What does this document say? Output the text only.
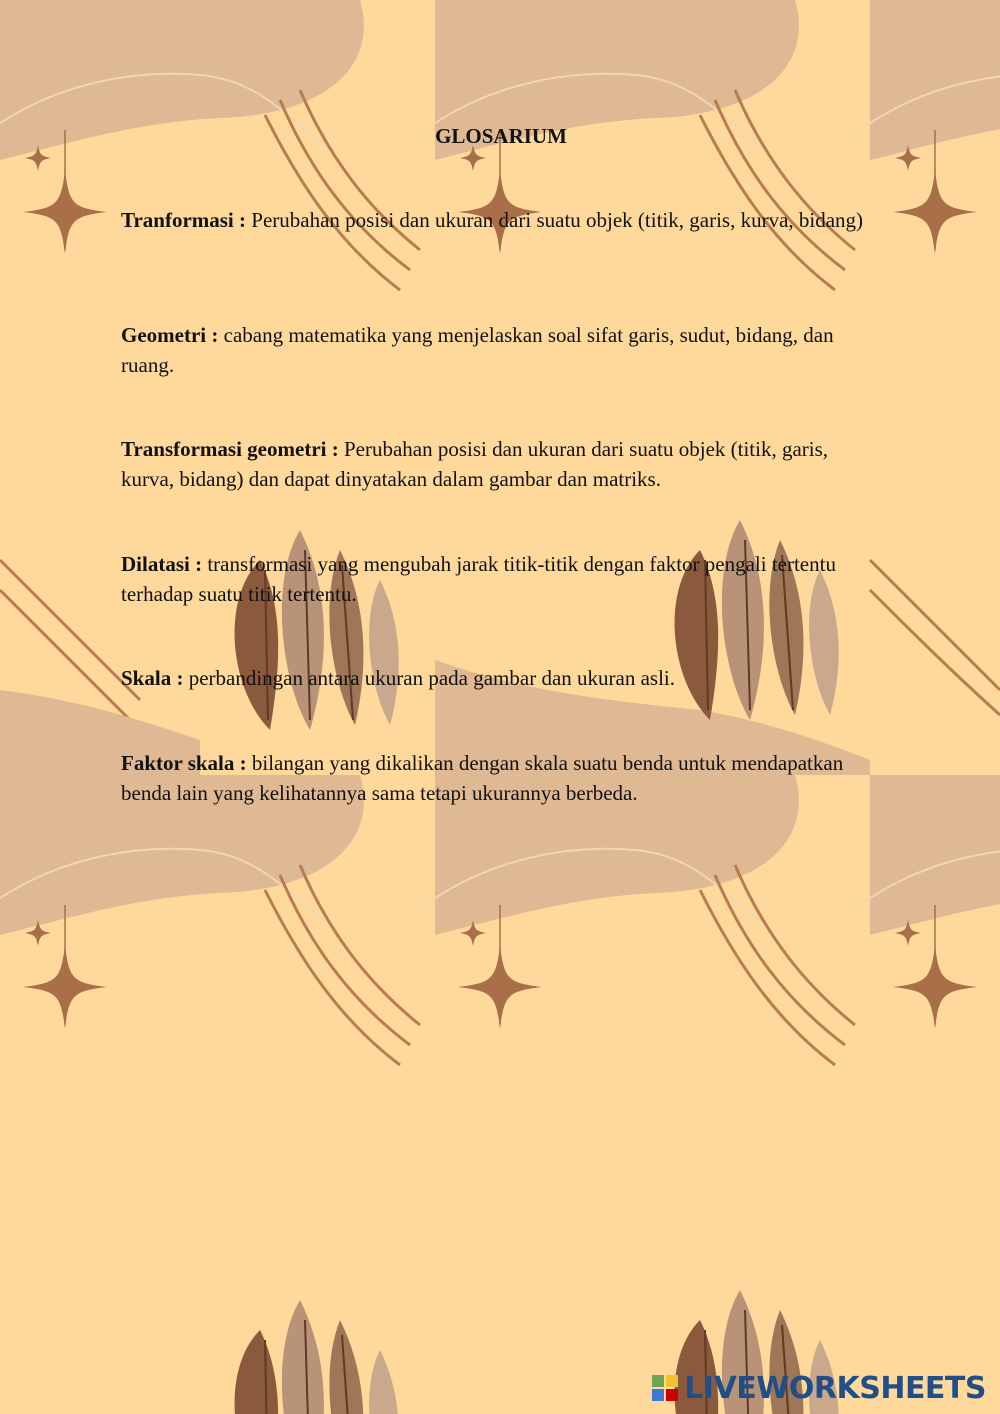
GLOSARIUM
Tranformasi : Perubahan posisi dan ukuran dari suatu objek (titik, garis, kurva, bidang)
Geometri : cabang matematika yang menjelaskan soal sifat garis, sudut, bidang, dan ruang.
Transformasi geometri : Perubahan posisi dan ukuran dari suatu objek (titik, garis, kurva, bidang) dan dapat dinyatakan dalam gambar dan matriks.
Dilatasi : transformasi yang mengubah jarak titik-titik dengan faktor pengali tertentu terhadap suatu titik tertentu.
Skala : perbandingan antara ukuran pada gambar dan ukuran asli.
Faktor skala : bilangan yang dikalikan dengan skala suatu benda untuk mendapatkan benda lain yang kelihatannya sama tetapi ukurannya berbeda.
LIVEWORKSHEETS
